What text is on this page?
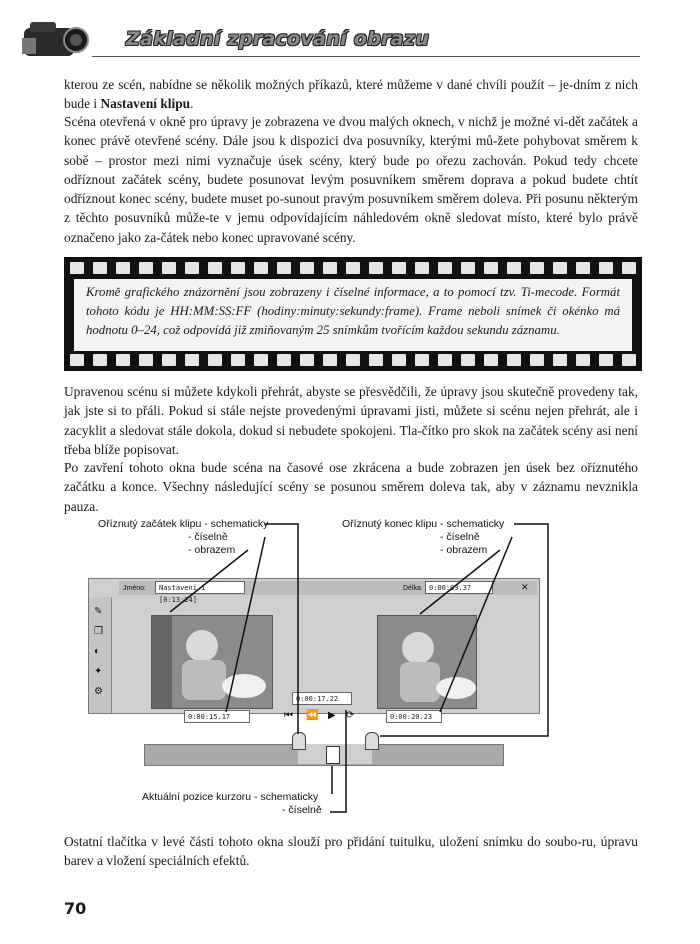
Základní zpracování obrazu
kterou ze scén, nabídne se několik možných příkazů, které můžeme v dané chvíli použít – je-dním z nich bude i Nastavení klipu.
Scéna otevřená v okně pro úpravy je zobrazena ve dvou malých oknech, v nichž je možné vi-dět začátek a konec právě otevřené scény. Dále jsou k dispozici dva posuvníky, kterými mů-žete pohybovat směrem k sobě – prostor mezi nimi vyznačuje úsek scény, který bude po ořezu zachován. Pokud tedy chcete odříznout začátek scény, budete posunovat levým posuvníkem směrem doprava a pokud budete chtít odříznout konec scény, budete muset po-sunout pravým posuvníkem směrem doleva. Při posunu některým z těchto posuvníků může-te v jemu odpovídajícím náhledovém okně sledovat místo, které bylo právě označeno jako za-čátek nebo konec upravované scény.
Kromě grafického znázornění jsou zobrazeny i číselné informace, a to pomocí tzv. Ti-mecode. Formát tohoto kódu je HH:MM:SS:FF (hodiny:minuty:sekundy:frame). Frame neboli snímek či okénko má hodnotu 0–24, což odpovídá již zmiňovaným 25 snímkům tvořícím každou sekundu záznamu.
Upravenou scénu si můžete kdykoli přehrát, abyste se přesvědčili, že úpravy jsou skutečně provedeny tak, jak jste si to přáli. Pokud si stále nejste provedenými úpravami jisti, můžete si scénu nejen přehrát, ale i zacyklit a sledovat stále dokola, dokud si nebudete spokojeni. Tla-čítko pro skok na začátek scény asi není třeba blíže popisovat.
Po zavření tohoto okna bude scéna na časové ose zkrácena a bude zobrazen jen úsek bez oříznutého začátku a konce. Všechny následující scény se posunou směrem doleva tak, aby v záznamu nevznikla pauza.
Oříznutý začátek klipu - schematicky
- číselně
- obrazem
Oříznutý konec klipu - schematicky
- číselně
- obrazem
Jméno:	Nastavení 1 [0:13:24]
Délka	0:00:03.37	✕
✎
❐
◐
✦
⚙
0:00:15.17
0:00:17.22
0:00:20.23
⏮ ⏪ ▶ ⟳
Aktuální pozice kurzoru - schematicky
- číselně
Ostatní tlačítka v levé části tohoto okna slouží pro přidání tuitulku, uložení snímku do soubo-ru, úpravu barev a vložení speciálních efektů.
70
